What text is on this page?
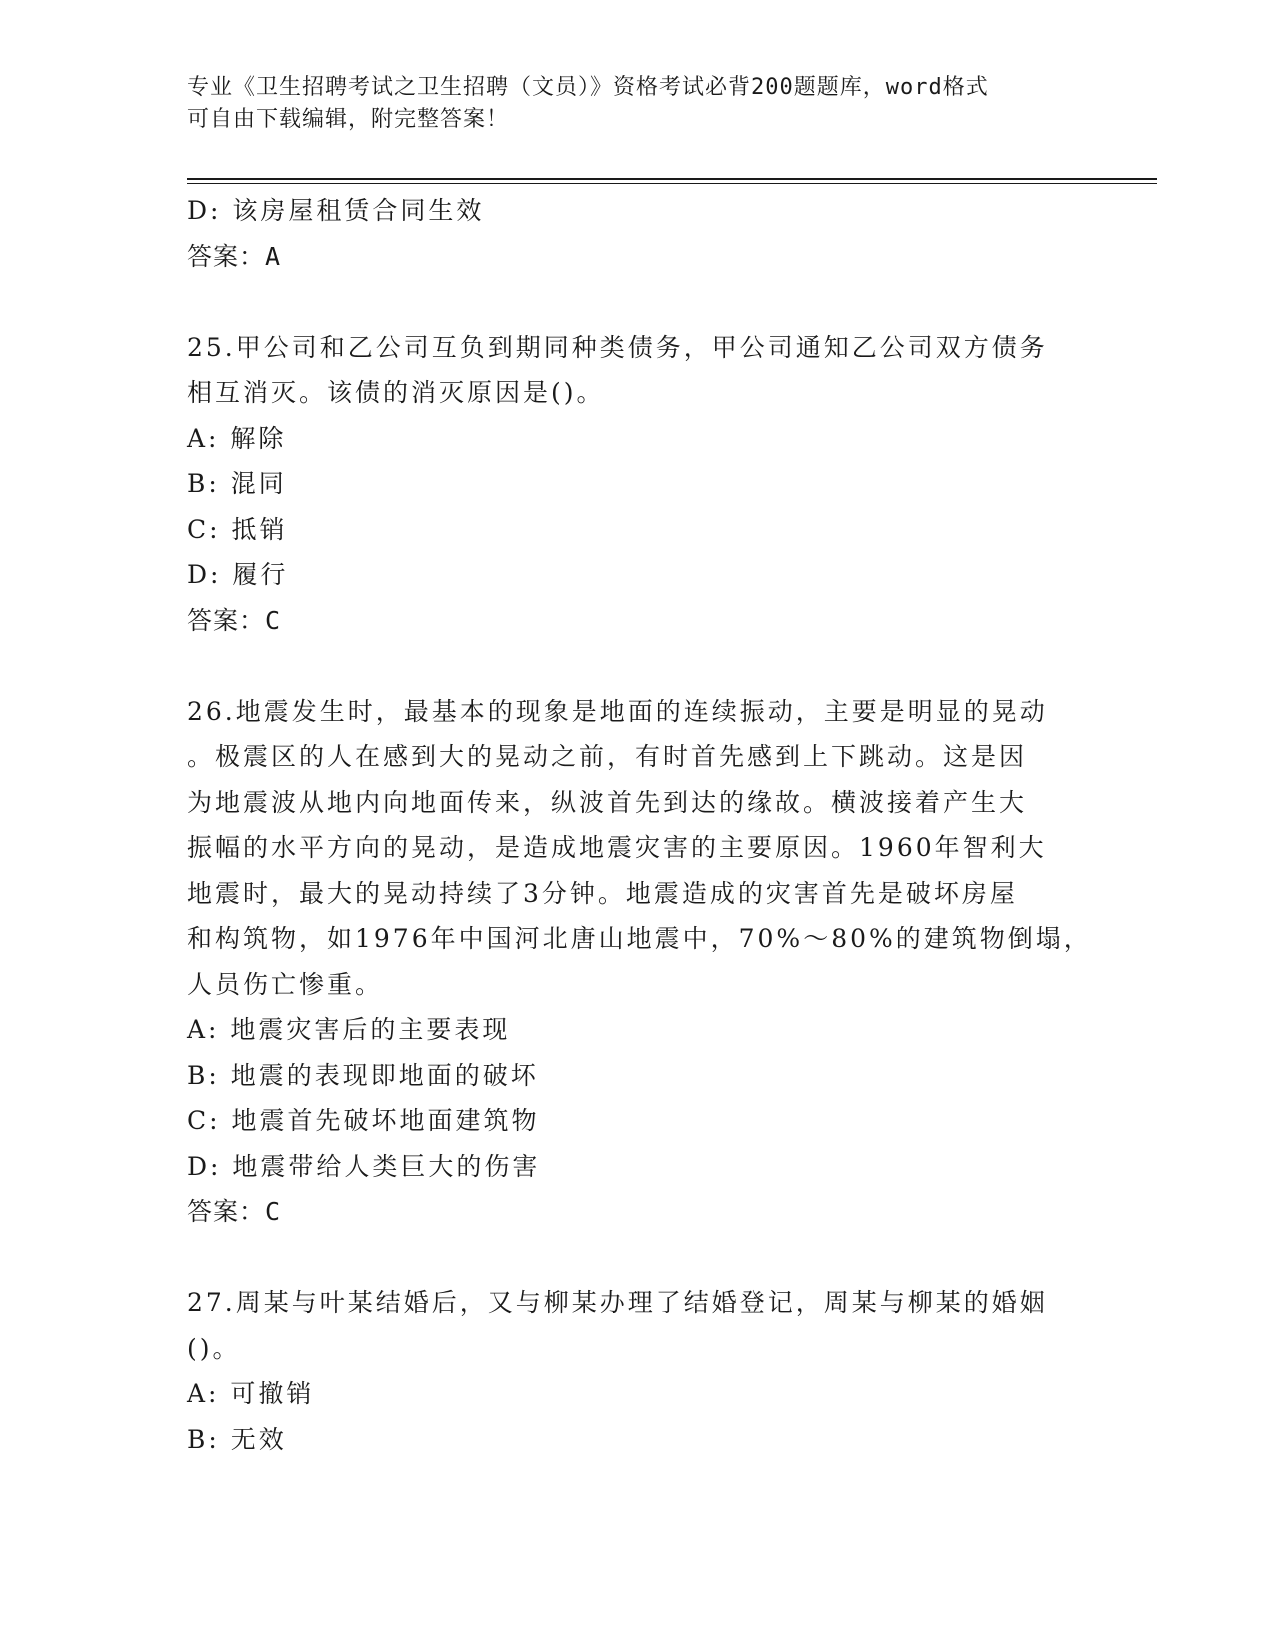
专业《卫生招聘考试之卫生招聘（文员）》资格考试必背200题题库，word格式
可自由下载编辑，附完整答案！
D: 该房屋租赁合同生效
答案：A
25.甲公司和乙公司互负到期同种类债务，甲公司通知乙公司双方债务
相互消灭。该债的消灭原因是()。
A: 解除
B: 混同
C: 抵销
D: 履行
答案：C
26.地震发生时，最基本的现象是地面的连续振动，主要是明显的晃动
。极震区的人在感到大的晃动之前，有时首先感到上下跳动。这是因
为地震波从地内向地面传来，纵波首先到达的缘故。横波接着产生大
振幅的水平方向的晃动，是造成地震灾害的主要原因。1960年智利大
地震时，最大的晃动持续了3分钟。地震造成的灾害首先是破坏房屋
和构筑物，如1976年中国河北唐山地震中，70%～80%的建筑物倒塌，
人员伤亡惨重。
A: 地震灾害后的主要表现
B: 地震的表现即地面的破坏
C: 地震首先破坏地面建筑物
D: 地震带给人类巨大的伤害
答案：C
27.周某与叶某结婚后，又与柳某办理了结婚登记，周某与柳某的婚姻
()。
A: 可撤销
B: 无效
